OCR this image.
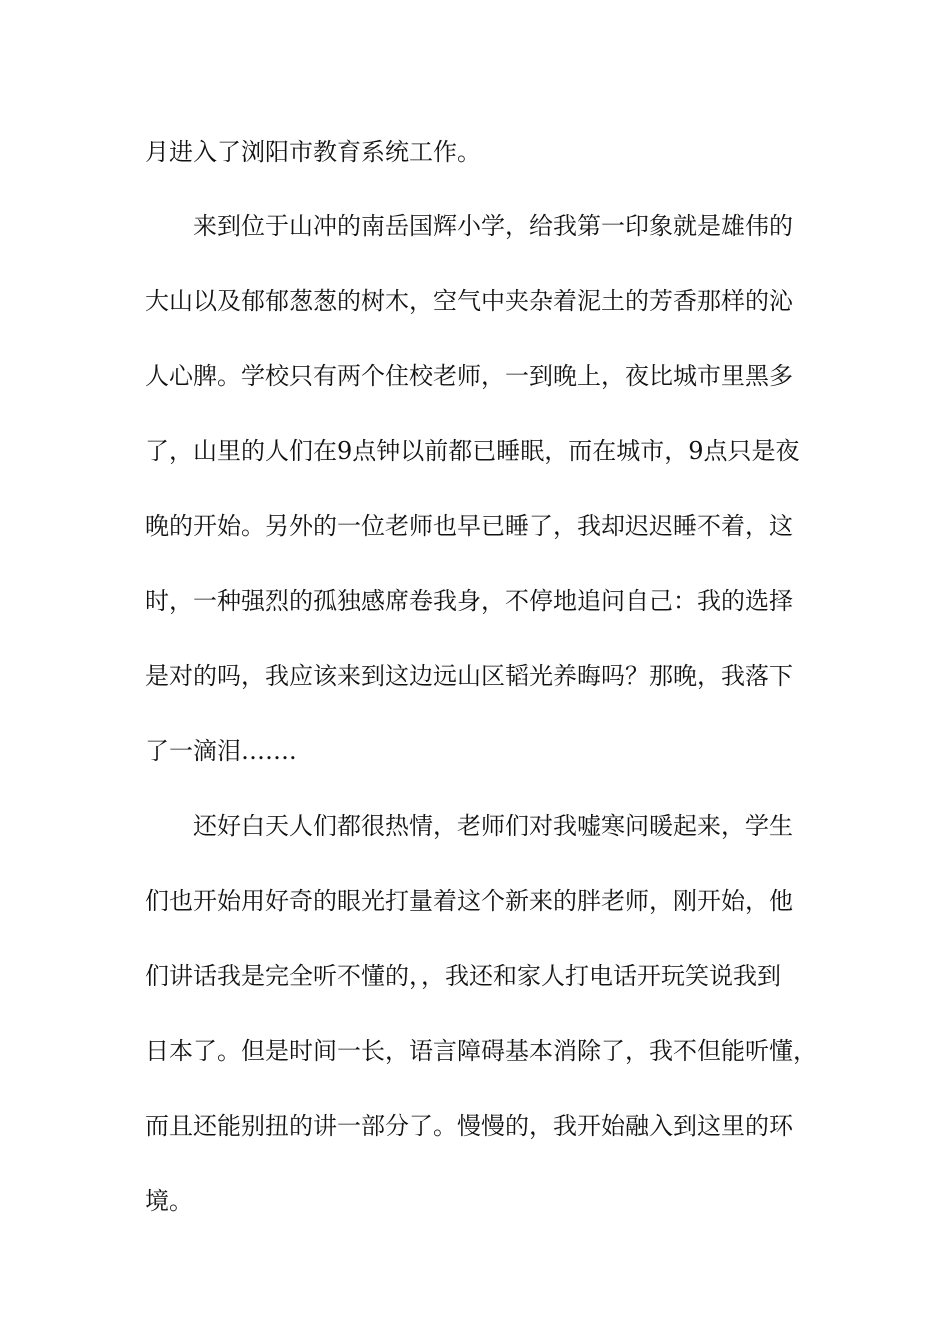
月进入了浏阳市教育系统工作。
来到位于山冲的南岳国辉小学，给我第一印象就是雄伟的
大山以及郁郁葱葱的树木，空气中夹杂着泥土的芳香那样的沁
人心脾。学校只有两个住校老师，一到晚上，夜比城市里黑多
了，山里的人们在9点钟以前都已睡眠，而在城市，9点只是夜
晚的开始。另外的一位老师也早已睡了，我却迟迟睡不着，这
时，一种强烈的孤独感席卷我身，不停地追问自己：我的选择
是对的吗，我应该来到这边远山区韬光养晦吗？那晚，我落下
了一滴泪…….
还好白天人们都很热情，老师们对我嘘寒问暖起来，学生
们也开始用好奇的眼光打量着这个新来的胖老师，刚开始，他
们讲话我是完全听不懂的，，我还和家人打电话开玩笑说我到
日本了。但是时间一长，语言障碍基本消除了，我不但能听懂，
而且还能别扭的讲一部分了。慢慢的，我开始融入到这里的环
境。
